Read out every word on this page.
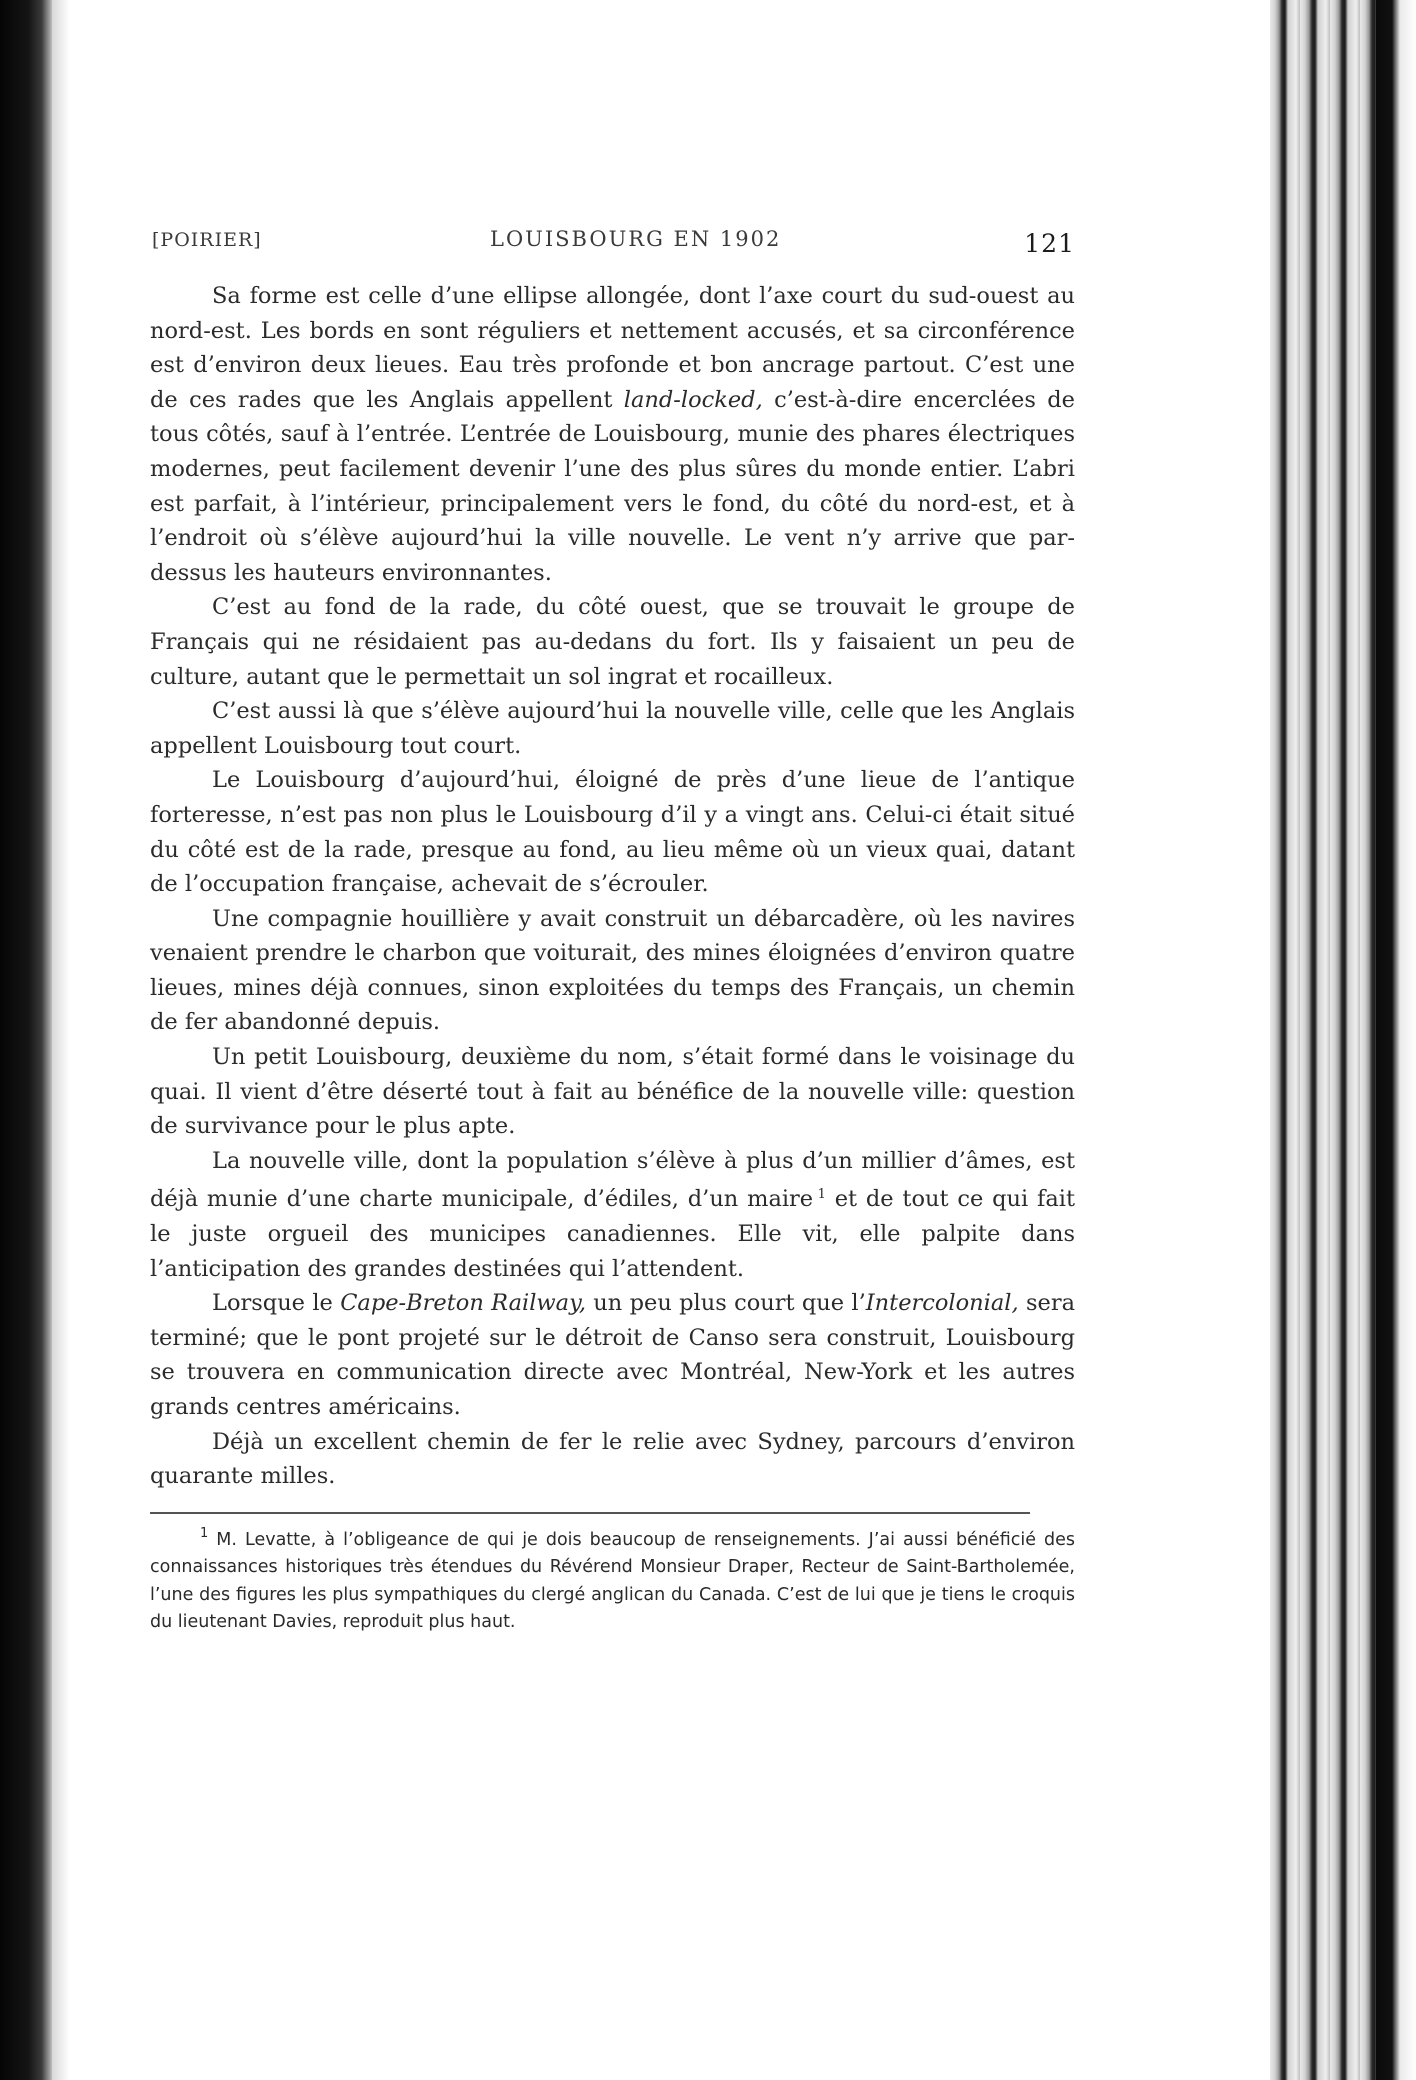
[POIRIER]	LOUISBOURG EN 1902	121

Sa forme est celle d’une ellipse allongée, dont l’axe court du sud-ouest au nord-est. Les bords en sont réguliers et nettement accusés, et sa circonférence est d’environ deux lieues. Eau très profonde et bon ancrage partout. C’est une de ces rades que les Anglais appellent land-locked, c’est-à-dire encerclées de tous côtés, sauf à l’entrée. L’entrée de Louisbourg, munie des phares électriques modernes, peut facilement devenir l’une des plus sûres du monde entier. L’abri est parfait, à l’intérieur, principalement vers le fond, du côté du nord-est, et à l’endroit où s’élève aujourd’hui la ville nouvelle. Le vent n’y arrive que par-dessus les hauteurs environnantes.

C’est au fond de la rade, du côté ouest, que se trouvait le groupe de Français qui ne résidaient pas au-dedans du fort. Ils y faisaient un peu de culture, autant que le permettait un sol ingrat et rocailleux.

C’est aussi là que s’élève aujourd’hui la nouvelle ville, celle que les Anglais appellent Louisbourg tout court.

Le Louisbourg d’aujourd’hui, éloigné de près d’une lieue de l’antique forteresse, n’est pas non plus le Louisbourg d’il y a vingt ans. Celui-ci était situé du côté est de la rade, presque au fond, au lieu même où un vieux quai, datant de l’occupation française, achevait de s’écrouler.

Une compagnie houillière y avait construit un débarcadère, où les navires venaient prendre le charbon que voiturait, des mines éloignées d’environ quatre lieues, mines déjà connues, sinon exploitées du temps des Français, un chemin de fer abandonné depuis.

Un petit Louisbourg, deuxième du nom, s’était formé dans le voisinage du quai. Il vient d’être déserté tout à fait au bénéfice de la nouvelle ville: question de survivance pour le plus apte.

La nouvelle ville, dont la population s’élève à plus d’un millier d’âmes, est déjà munie d’une charte municipale, d’édiles, d’un maire  $^1$ et de tout ce qui fait le juste orgueil des municipes canadiennes. Elle vit, elle palpite dans l’anticipation des grandes destinées qui l’attendent.

Lorsque le Cape-Breton Railway, un peu plus court que l’Intercolonial, sera terminé; que le pont projeté sur le détroit de Canso sera construit, Louisbourg se trouvera en communication directe avec Montréal, New-York et les autres grands centres américains.

Déjà un excellent chemin de fer le relie avec Sydney, parcours d’environ quarante milles.

$^1$ M. Levatte, à l’obligeance de qui je dois beaucoup de renseignements. J’ai aussi bénéficié des connaissances historiques très étendues du Révérend Monsieur Draper, Recteur de Saint-Bartholemée, l’une des figures les plus sympathiques du clergé anglican du Canada. C’est de lui que je tiens le croquis du lieutenant Davies, reproduit plus haut.
